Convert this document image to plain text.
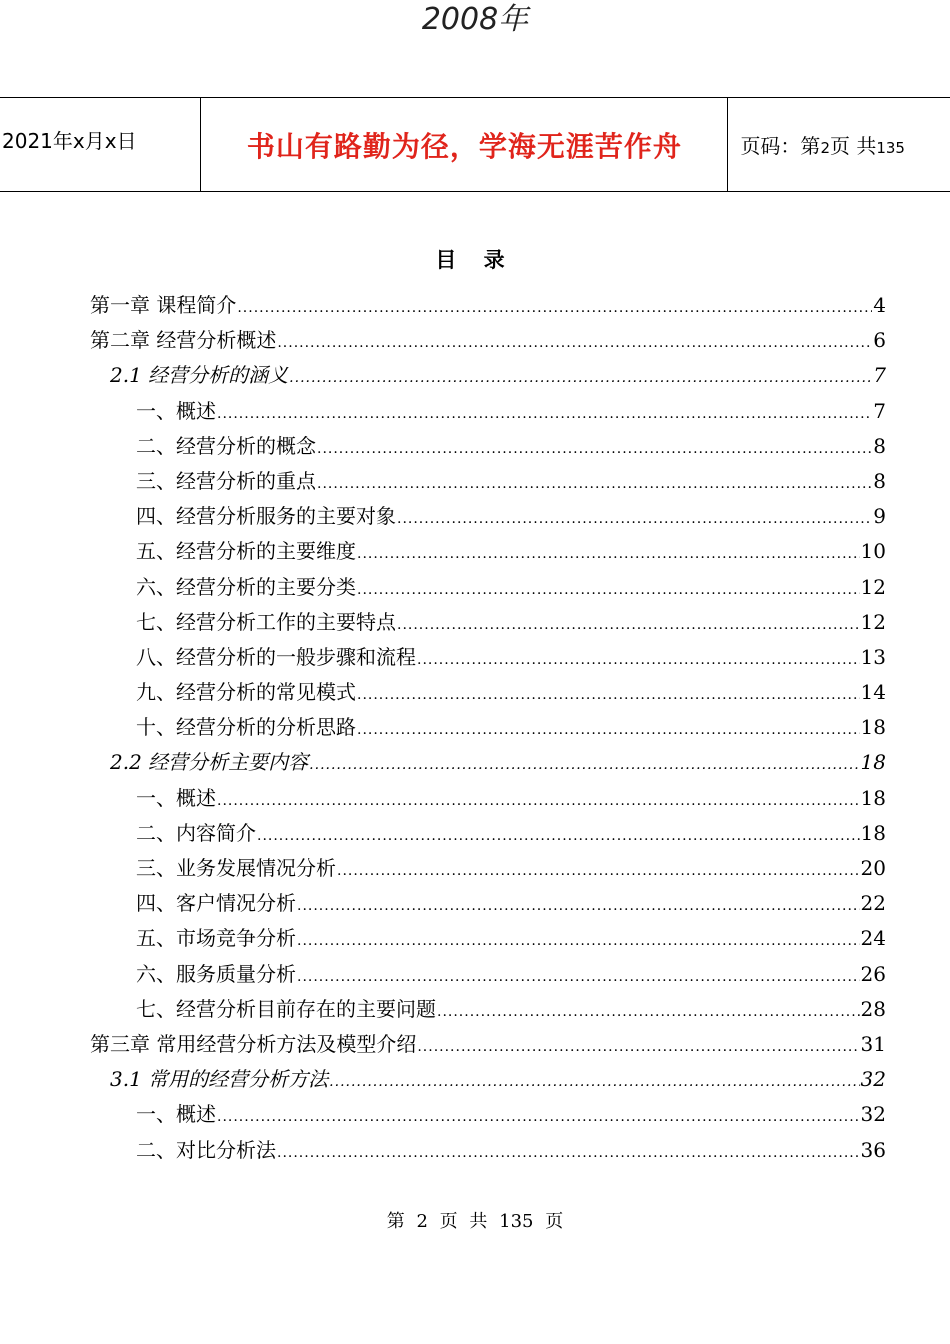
2008年
2021年x月x日	书山有路勤为径，学海无涯苦作舟	页码：第2页 共135
目 录
第一章 课程简介 .....	4
第二章 经营分析概述 .....	6
2.1 经营分析的涵义 .....	7
一、概述 .....	7
二、经营分析的概念 .....	8
三、经营分析的重点 .....	8
四、经营分析服务的主要对象 .....	9
五、经营分析的主要维度 .....	10
六、经营分析的主要分类 .....	12
七、经营分析工作的主要特点 .....	12
八、经营分析的一般步骤和流程 .....	13
九、经营分析的常见模式 .....	14
十、经营分析的分析思路 .....	18
2.2 经营分析主要内容 .....	18
一、概述 .....	18
二、内容简介 .....	18
三、业务发展情况分析 .....	20
四、客户情况分析 .....	22
五、市场竞争分析 .....	24
六、服务质量分析 .....	26
七、经营分析目前存在的主要问题 .....	28
第三章 常用经营分析方法及模型介绍 .....	31
3.1 常用的经营分析方法 .....	32
一、概述 .....	32
二、对比分析法 .....	36
第 2 页 共 135 页
